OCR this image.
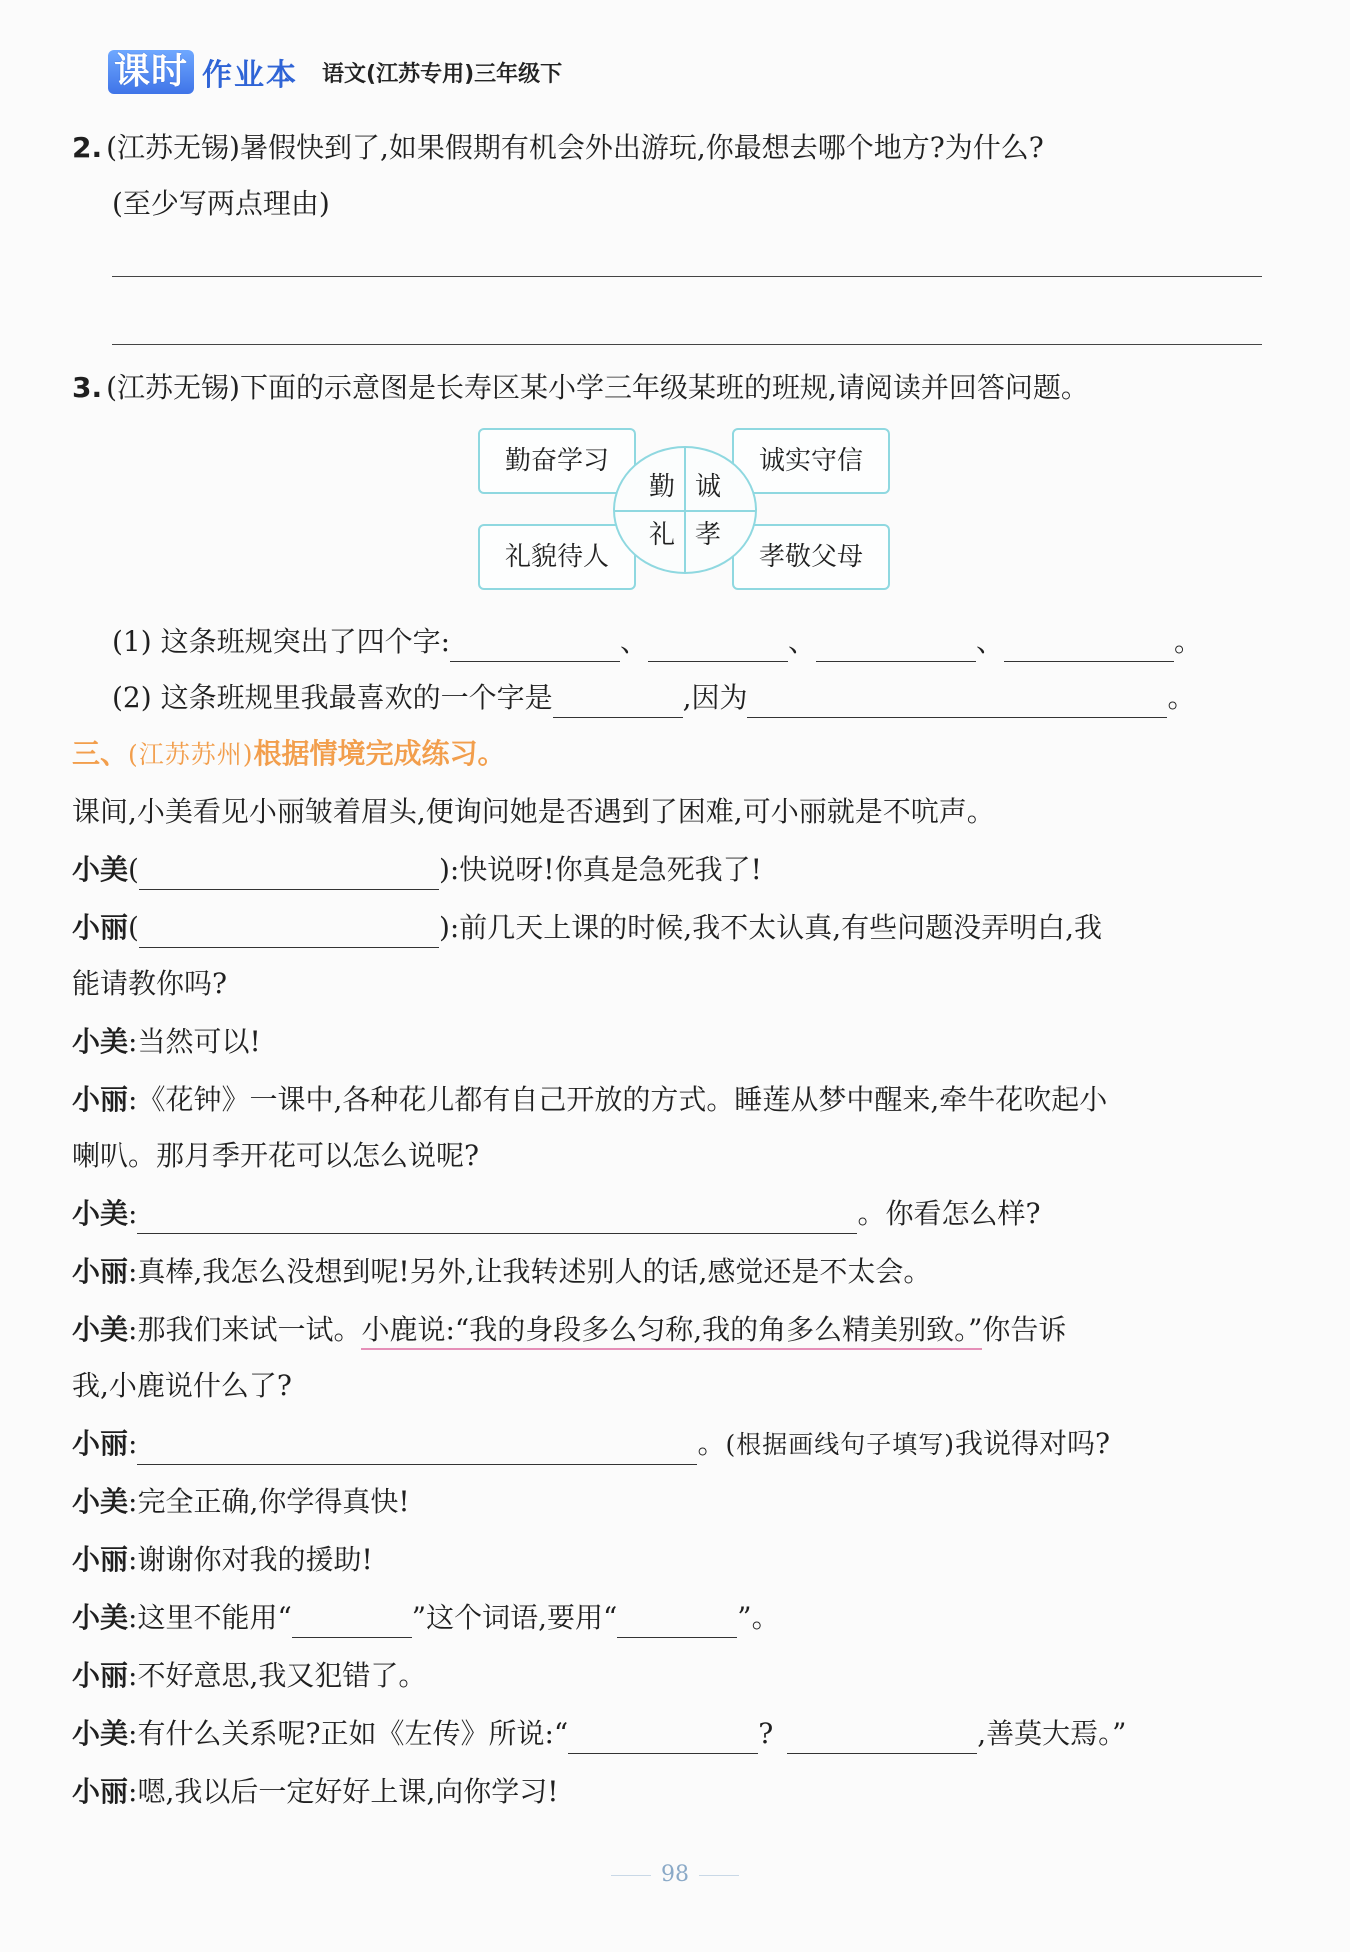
课时 作业本 语文(江苏专用)三年级下
2. (江苏无锡)暑假快到了,如果假期有机会外出游玩,你最想去哪个地方?为什么?
(至少写两点理由)
3. (江苏无锡)下面的示意图是长寿区某小学三年级某班的班规,请阅读并回答问题。
勤奋学习	诚实守信
礼貌待人	孝敬父母
勤 诚
礼 孝
(1) 这条班规突出了四个字:	、	、	、	。
(2) 这条班规里我最喜欢的一个字是	,因为	。
三、(江苏苏州)根据情境完成练习。
课间,小美看见小丽皱着眉头,便询问她是否遇到了困难,可小丽就是不吭声。
小美(	):快说呀!你真是急死我了!
小丽(	):前几天上课的时候,我不太认真,有些问题没弄明白,我
能请教你吗?
小美:当然可以!
小丽:《花钟》一课中,各种花儿都有自己开放的方式。睡莲从梦中醒来,牵牛花吹起小
喇叭。那月季开花可以怎么说呢?
小美:	。你看怎么样?
小丽:真棒,我怎么没想到呢!另外,让我转述别人的话,感觉还是不太会。
小美:那我们来试一试。小鹿说:“我的身段多么匀称,我的角多么精美别致。”你告诉
我,小鹿说什么了?
小丽:	。(根据画线句子填写)我说得对吗?
小美:完全正确,你学得真快!
小丽:谢谢你对我的援助!
小美:这里不能用“	”这个词语,要用“	”。
小丽:不好意思,我又犯错了。
小美:有什么关系呢?正如《左传》所说:“	?	,善莫大焉。”
小丽:嗯,我以后一定好好上课,向你学习!
98
